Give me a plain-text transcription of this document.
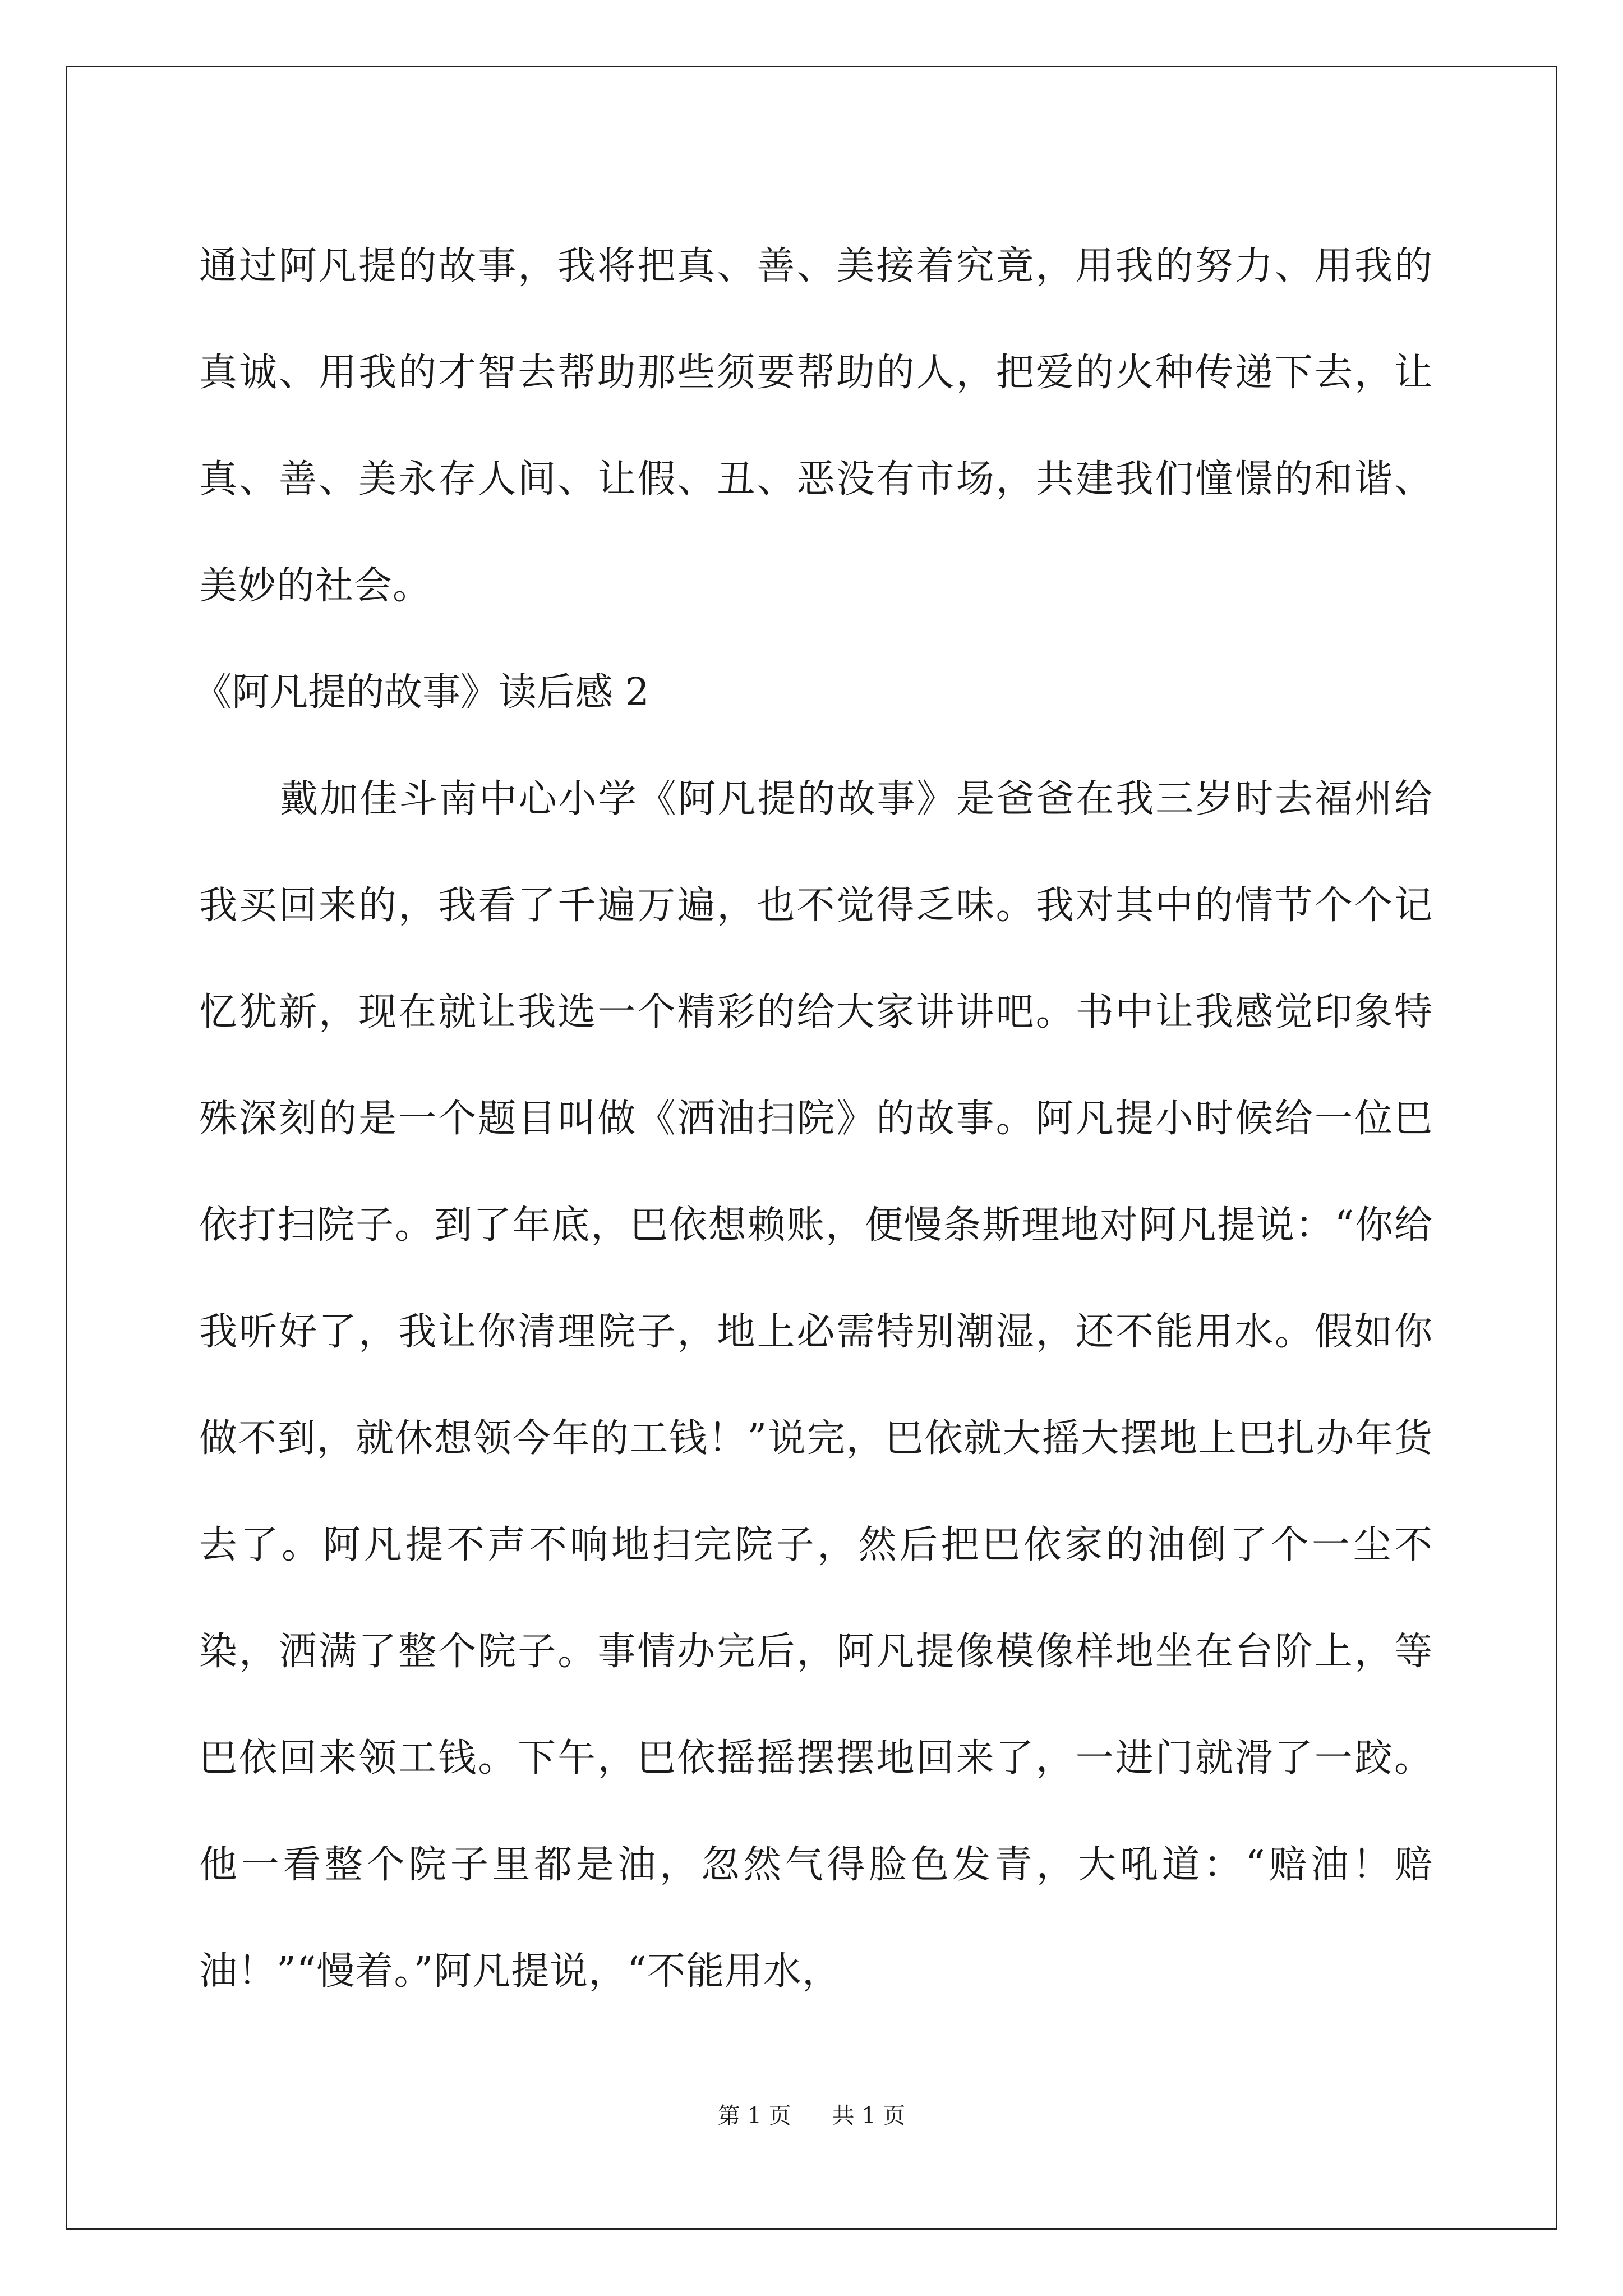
通过阿凡提的故事，我将把真、善、美接着究竟，用我的努力、用我的真诚、用我的才智去帮助那些须要帮助的人，把爱的火种传递下去，让真、善、美永存人间、让假、丑、恶没有市场，共建我们憧憬的和谐、美妙的社会。

《阿凡提的故事》读后感 2

戴加佳斗南中心小学《阿凡提的故事》是爸爸在我三岁时去福州给我买回来的，我看了千遍万遍，也不觉得乏味。我对其中的情节个个记忆犹新，现在就让我选一个精彩的给大家讲讲吧。书中让我感觉印象特殊深刻的是一个题目叫做《洒油扫院》的故事。阿凡提小时候给一位巴依打扫院子。到了年底，巴依想赖账，便慢条斯理地对阿凡提说：“你给我听好了，我让你清理院子，地上必需特别潮湿，还不能用水。假如你做不到，就休想领今年的工钱！”说完，巴依就大摇大摆地上巴扎办年货去了。阿凡提不声不响地扫完院子，然后把巴依家的油倒了个一尘不染，洒满了整个院子。事情办完后，阿凡提像模像样地坐在台阶上，等巴依回来领工钱。下午，巴依摇摇摆摆地回来了，一进门就滑了一跤。他一看整个院子里都是油，忽然气得脸色发青，大吼道：“赔油！赔油！”“慢着。”阿凡提说，“不能用水，

第 1 页 共 1 页
